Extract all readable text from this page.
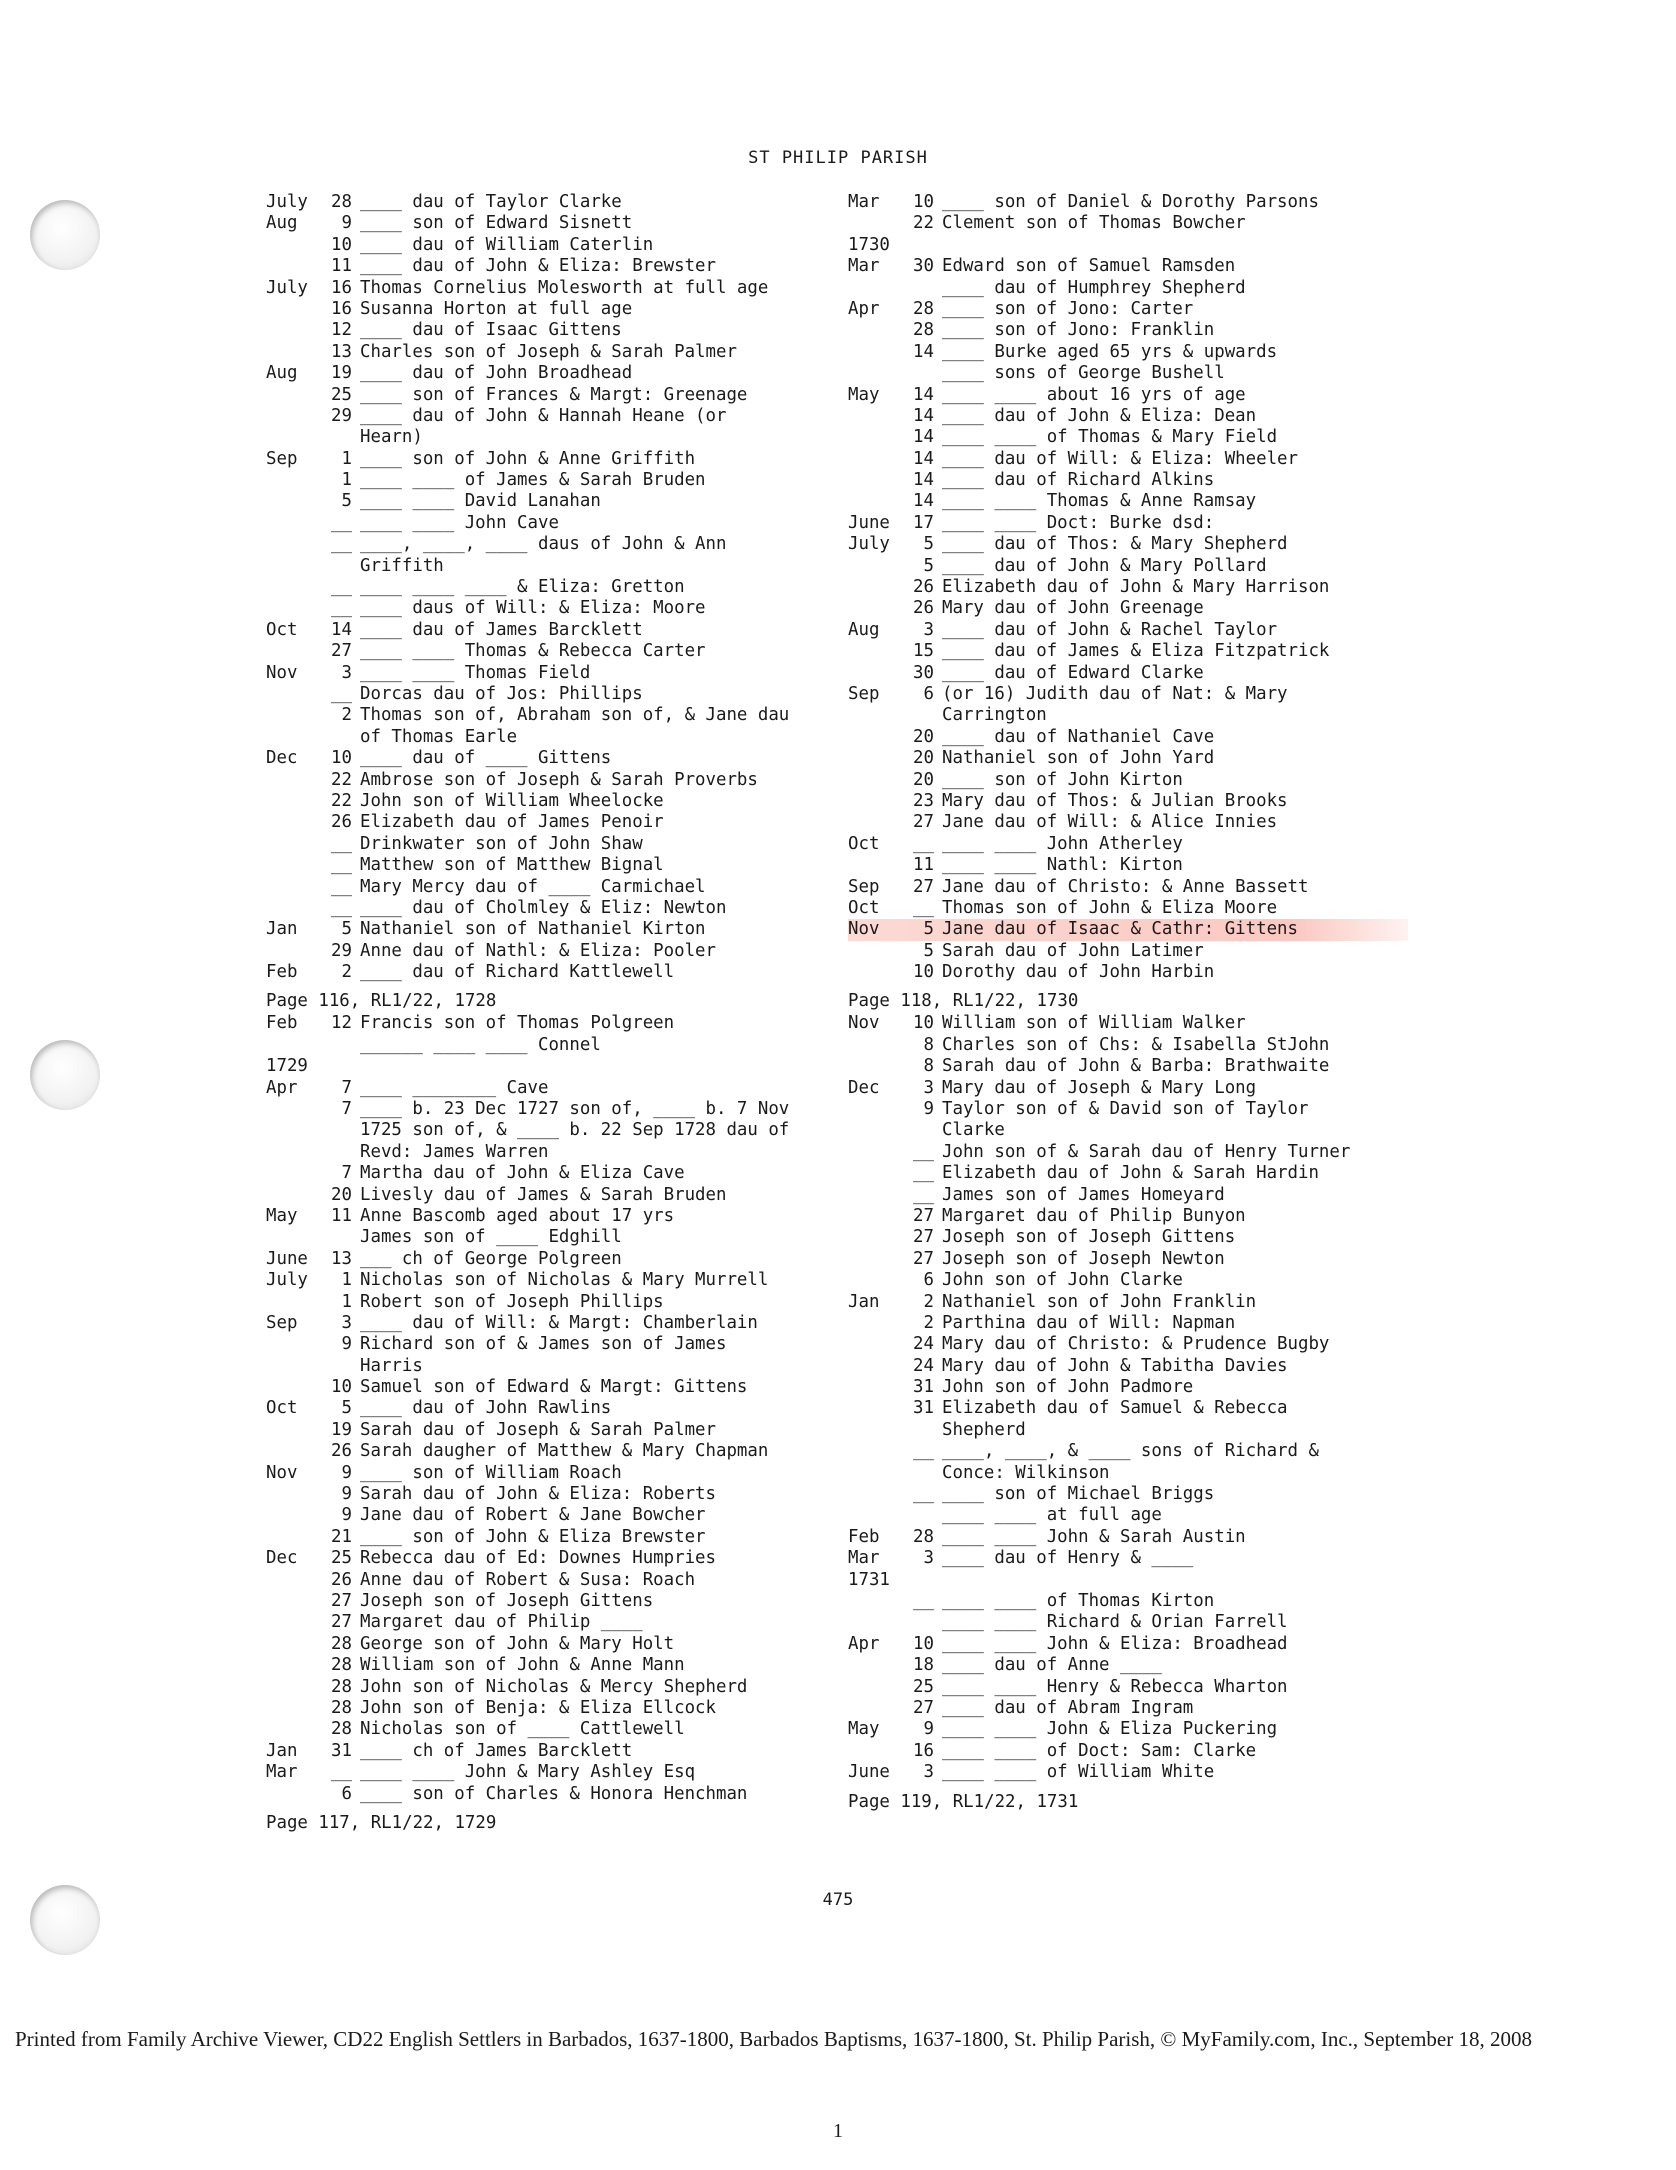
ST PHILIP PARISH
July	28 ____ dau of Taylor Clarke
Aug	9 ____ son of Edward Sisnett
10 ____ dau of William Caterlin
11 ____ dau of John & Eliza: Brewster
July	16 Thomas Cornelius Molesworth at full age
16 Susanna Horton at full age
12 ____ dau of Isaac Gittens
13 Charles son of Joseph & Sarah Palmer
Aug	19 ____ dau of John Broadhead
25 ____ son of Frances & Margt: Greenage
29 ____ dau of John & Hannah Heane (or
Hearn)
Sep	1 ____ son of John & Anne Griffith
1 ____ ____ of James & Sarah Bruden
5 ____ ____ David Lanahan
__ ____ ____ John Cave
__ ____, ____, ____ daus of John & Ann
Griffith
__ ____ ____ ____ & Eliza: Gretton
__ ____ daus of Will: & Eliza: Moore
Oct	14 ____ dau of James Barcklett
27 ____ ____ Thomas & Rebecca Carter
Nov	3 ____ ____ Thomas Field
__ Dorcas dau of Jos: Phillips
2 Thomas son of, Abraham son of, & Jane dau
of Thomas Earle
Dec	10 ____ dau of ____ Gittens
22 Ambrose son of Joseph & Sarah Proverbs
22 John son of William Wheelocke
26 Elizabeth dau of James Penoir
__ Drinkwater son of John Shaw
__ Matthew son of Matthew Bignal
__ Mary Mercy dau of ____ Carmichael
__ ____ dau of Cholmley & Eliz: Newton
Jan	5 Nathaniel son of Nathaniel Kirton
29 Anne dau of Nathl: & Eliza: Pooler
Feb	2 ____ dau of Richard Kattlewell
Page 116, RL1/22, 1728
Feb	12 Francis son of Thomas Polgreen
______ ____ ____ Connel
1729
Apr	7 ____ ________ Cave
7 ____ b. 23 Dec 1727 son of, ____ b. 7 Nov
1725 son of, & ____ b. 22 Sep 1728 dau of
Revd: James Warren
7 Martha dau of John & Eliza Cave
20 Livesly dau of James & Sarah Bruden
May	11 Anne Bascomb aged about 17 yrs
James son of ____ Edghill
June	13 ___ ch of George Polgreen
July	1 Nicholas son of Nicholas & Mary Murrell
1 Robert son of Joseph Phillips
Sep	3 ____ dau of Will: & Margt: Chamberlain
9 Richard son of & James son of James
Harris
10 Samuel son of Edward & Margt: Gittens
Oct	5 ____ dau of John Rawlins
19 Sarah dau of Joseph & Sarah Palmer
26 Sarah daugher of Matthew & Mary Chapman
Nov	9 ____ son of William Roach
9 Sarah dau of John & Eliza: Roberts
9 Jane dau of Robert & Jane Bowcher
21 ____ son of John & Eliza Brewster
Dec	25 Rebecca dau of Ed: Downes Humpries
26 Anne dau of Robert & Susa: Roach
27 Joseph son of Joseph Gittens
27 Margaret dau of Philip ____
28 George son of John & Mary Holt
28 William son of John & Anne Mann
28 John son of Nicholas & Mercy Shepherd
28 John son of Benja: & Eliza Ellcock
28 Nicholas son of ____ Cattlewell
Jan	31 ____ ch of James Barcklett
Mar	__ ____ ____ John & Mary Ashley Esq
6 ____ son of Charles & Honora Henchman
Page 117, RL1/22, 1729
Mar	10 ____ son of Daniel & Dorothy Parsons
22 Clement son of Thomas Bowcher
1730
Mar	30 Edward son of Samuel Ramsden
____ dau of Humphrey Shepherd
Apr	28 ____ son of Jono: Carter
28 ____ son of Jono: Franklin
14 ____ Burke aged 65 yrs & upwards
____ sons of George Bushell
May	14 ____ ____ about 16 yrs of age
14 ____ dau of John & Eliza: Dean
14 ____ ____ of Thomas & Mary Field
14 ____ dau of Will: & Eliza: Wheeler
14 ____ dau of Richard Alkins
14 ____ ____ Thomas & Anne Ramsay
June	17 ____ ____ Doct: Burke dsd:
July	5 ____ dau of Thos: & Mary Shepherd
5 ____ dau of John & Mary Pollard
26 Elizabeth dau of John & Mary Harrison
26 Mary dau of John Greenage
Aug	3 ____ dau of John & Rachel Taylor
15 ____ dau of James & Eliza Fitzpatrick
30 ____ dau of Edward Clarke
Sep	6 (or 16) Judith dau of Nat: & Mary
Carrington
20 ____ dau of Nathaniel Cave
20 Nathaniel son of John Yard
20 ____ son of John Kirton
23 Mary dau of Thos: & Julian Brooks
27 Jane dau of Will: & Alice Innies
Oct	__ ____ ____ John Atherley
11 ____ ____ Nathl: Kirton
Sep	27 Jane dau of Christo: & Anne Bassett
Oct	__ Thomas son of John & Eliza Moore
Nov	5 Jane dau of Isaac & Cathr: Gittens
5 Sarah dau of John Latimer
10 Dorothy dau of John Harbin
Page 118, RL1/22, 1730
Nov	10 William son of William Walker
8 Charles son of Chs: & Isabella StJohn
8 Sarah dau of John & Barba: Brathwaite
Dec	3 Mary dau of Joseph & Mary Long
9 Taylor son of & David son of Taylor
Clarke
__ John son of & Sarah dau of Henry Turner
__ Elizabeth dau of John & Sarah Hardin
__ James son of James Homeyard
27 Margaret dau of Philip Bunyon
27 Joseph son of Joseph Gittens
27 Joseph son of Joseph Newton
6 John son of John Clarke
Jan	2 Nathaniel son of John Franklin
2 Parthina dau of Will: Napman
24 Mary dau of Christo: & Prudence Bugby
24 Mary dau of John & Tabitha Davies
31 John son of John Padmore
31 Elizabeth dau of Samuel & Rebecca
Shepherd
__ ____, ____, & ____ sons of Richard &
Conce: Wilkinson
__ ____ son of Michael Briggs
____ ____ at full age
Feb	28 ____ ____ John & Sarah Austin
Mar	3 ____ dau of Henry & ____
1731
__ ____ ____ of Thomas Kirton
____ ____ Richard & Orian Farrell
Apr	10 ____ ____ John & Eliza: Broadhead
18 ____ dau of Anne ____
25 ____ ____ Henry & Rebecca Wharton
27 ____ dau of Abram Ingram
May	9 ____ ____ John & Eliza Puckering
16 ____ ____ of Doct: Sam: Clarke
June	3 ____ ____ of William White
Page 119, RL1/22, 1731
475
Printed from Family Archive Viewer, CD22 English Settlers in Barbados, 1637-1800, Barbados Baptisms, 1637-1800, St. Philip Parish, © MyFamily.com, Inc., September 18, 2008
1
